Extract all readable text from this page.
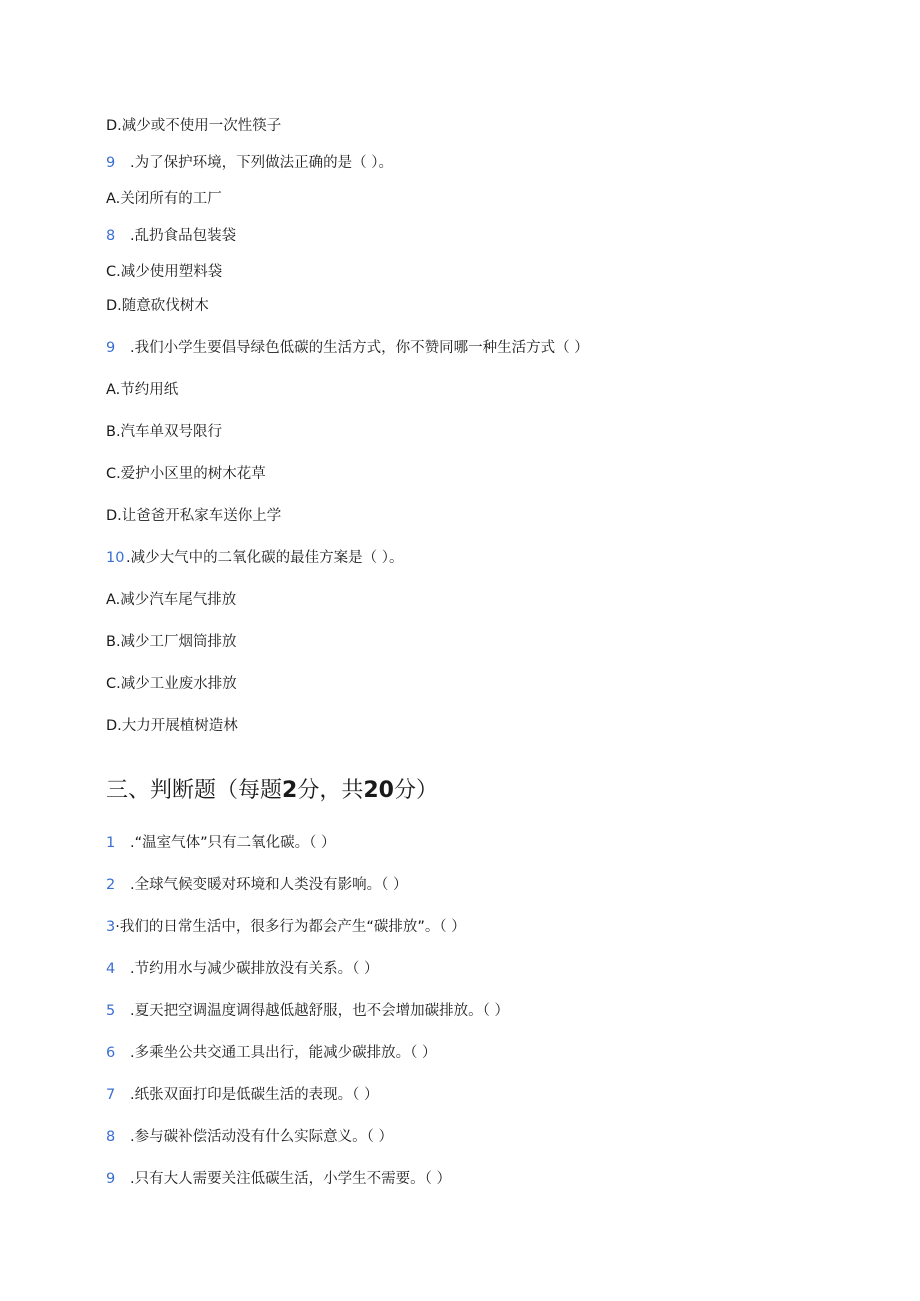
D.减少或不使用一次性筷子
9 .为了保护环境，下列做法正确的是（ ）。
A.关闭所有的工厂
8 .乱扔食品包装袋
C.减少使用塑料袋
D.随意砍伐树木
9 .我们小学生要倡导绿色低碳的生活方式，你不赞同哪一种生活方式（ ）
A.节约用纸
B.汽车单双号限行
C.爱护小区里的树木花草
D.让爸爸开私家车送你上学
10 .减少大气中的二氧化碳的最佳方案是（ ）。
A.减少汽车尾气排放
B.减少工厂烟筒排放
C.减少工业废水排放
D.大力开展植树造林
三、判断题（每题2分，共20分）
1 .“温室气体”只有二氧化碳。（ ）
2 .全球气候变暖对环境和人类没有影响。（ ）
3·我们的日常生活中，很多行为都会产生“碳排放”。（ ）
4 .节约用水与减少碳排放没有关系。（ ）
5 .夏天把空调温度调得越低越舒服，也不会增加碳排放。（ ）
6 .多乘坐公共交通工具出行，能减少碳排放。（ ）
7 .纸张双面打印是低碳生活的表现。（ ）
8 .参与碳补偿活动没有什么实际意义。（ ）
9 .只有大人需要关注低碳生活，小学生不需要。（ ）
